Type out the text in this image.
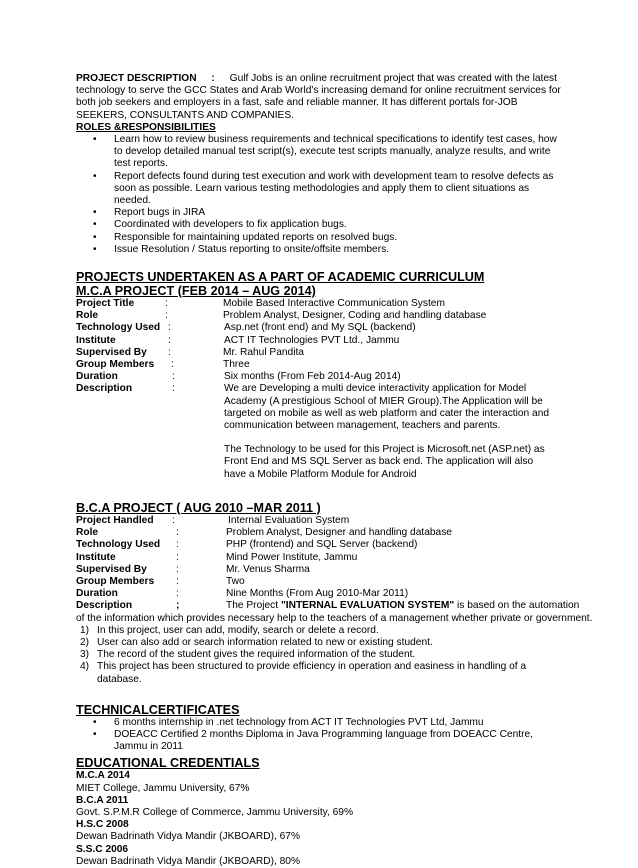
PROJECT DESCRIPTION : Gulf Jobs is an online recruitment project that was created with the latest technology to serve the GCC States and Arab World's increasing demand for online recruitment services for both job seekers and employers in a fast, safe and reliable manner. It has different portals for-JOB SEEKERS, CONSULTANTS AND COMPANIES.
ROLES &RESPONSIBILITIES
• Learn how to review business requirements and technical specifications to identify test cases, how to develop detailed manual test script(s), execute test scripts manually, analyze results, and write test reports.
• Report defects found during test execution and work with development team to resolve defects as soon as possible. Learn various testing methodologies and apply them to client situations as needed.
• Report bugs in JIRA
• Coordinated with developers to fix application bugs.
• Responsible for maintaining updated reports on resolved bugs.
• Issue Resolution / Status reporting to onsite/offsite members.
PROJECTS UNDERTAKEN AS A PART OF ACADEMIC CURRICULUM
M.C.A PROJECT (FEB 2014 – AUG 2014)
Project Title	:	Mobile Based Interactive Communication System
Role	:	Problem Analyst, Designer, Coding and handling database
Technology Used :	Asp.net (front end) and My SQL (backend)
Institute	:	ACT IT Technologies PVT Ltd., Jammu
Supervised By	:	Mr. Rahul Pandita
Group Members	:	Three
Duration	:	Six months (From Feb 2014-Aug 2014)
Description	:	We are Developing a multi device interactivity application for Model Academy (A prestigious School of MIER Group).The Application will be targeted on mobile as well as web platform and cater the interaction and communication between management, teachers and parents.
The Technology to be used for this Project is Microsoft.net (ASP.net) as Front End and MS SQL Server as back end. The application will also have a Mobile Platform Module for Android
B.C.A PROJECT ( AUG 2010 –MAR 2011 )
Project Handled	:	Internal Evaluation System
Role	:	Problem Analyst, Designer and handling database
Technology Used	:	PHP (frontend) and SQL Server (backend)
Institute	:	Mind Power Institute, Jammu
Supervised By	:	Mr. Venus Sharma
Group Members	:	Two
Duration	:	Nine Months (From Aug 2010-Mar 2011)
Description	;	The Project "INTERNAL EVALUATION SYSTEM" is based on the automation
of the information which provides necessary help to the teachers of a management whether private or government.
1) In this project, user can add, modify, search or delete a record.
2) User can also add or search information related to new or existing student.
3) The record of the student gives the required information of the student.
4) This project has been structured to provide efficiency in operation and easiness in handling of a database.
TECHNICALCERTIFICATES
• 6 months internship in .net technology from ACT IT Technologies PVT Ltd, Jammu
• DOEACC Certified 2 months Diploma in Java Programming language from DOEACC Centre, Jammu in 2011
EDUCATIONAL CREDENTIALS
M.C.A 2014
MIET College, Jammu University, 67%
B.C.A 2011
Govt. S.P.M.R College of Commerce, Jammu University, 69%
H.S.C 2008
Dewan Badrinath Vidya Mandir (JKBOARD), 67%
S.S.C 2006
Dewan Badrinath Vidya Mandir (JKBOARD), 80%
